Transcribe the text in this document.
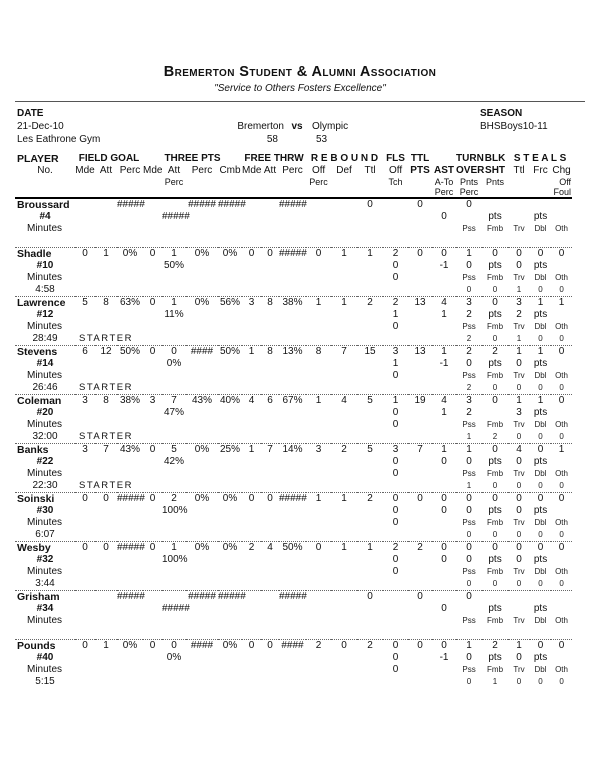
Bremerton Student & Alumni Association
"Service to Others Fosters Excellence"
DATE
21-Dec-10
Les Eathrone Gym
Bremerton vs Olympic
58	53
SEASON
BHSBoys10-11
PLAYER	FIELD GOAL			THREE PTS				FREE THRW			R E B O U N D			FLS	TTL		TURN	BLK	S T E A L S		
No.	Mde	Att	Perc	Mde	Att	Perc	Cmb	Mde	Att	Perc	Off	Def	Ttl	Off	PTS	AST	OVER	SHT	Ttl	Frc	Chg
					Perc						Perc			Tch		A-To	Pnts	Pnts			Off
																Perc	Perc				Foul
Broussard			#####			#####	#####			#####			0		0		0				
#4					#####											0		pts		pts	
Minutes																	Pss	Fmb	Trv	Dbl	Oth

Shadle	0	1	0%	0	1	0%	0%	0	0	#####	0	1	1	2	0	0	1	0	0	0	0
#10					50%									0		-1	0	pts	0	pts	
Minutes														0			Pss	Fmb	Trv	Dbl	Oth
4:58																	0	0	1	0	0
Lawrence	5	8	63%	0	1	0%	56%	3	8	38%	1	1	2	2	13	4	3	0	3	1	1
#12					11%									1		1	2	pts	2	pts	
Minutes														0			Pss	Fmb	Trv	Dbl	Oth
28:49	STARTER																2	0	1	0	0
Stevens	6	12	50%	0	0	####	50%	1	8	13%	8	7	15	3	13	1	2	2	1	1	0
#14					0%									1		-1	0	pts	0	pts	
Minutes														0			Pss	Fmb	Trv	Dbl	Oth
26:46	STARTER																2	0	0	0	0
Coleman	3	8	38%	3	7	43%	40%	4	6	67%	1	4	5	1	19	4	3	0	1	1	0
#20					47%									0		1	2		3	pts	
Minutes														0			Pss	Fmb	Trv	Dbl	Oth
32:00	STARTER																1	2	0	0	0
Banks	3	7	43%	0	5	0%	25%	1	7	14%	3	2	5	3	7	1	1	0	4	0	1
#22					42%									0		0	0	pts	0	pts	
Minutes														0			Pss	Fmb	Trv	Dbl	Oth
22:30	STARTER																1	0	0	0	0
Soinski	0	0	#####	0	2	0%	0%	0	0	#####	1	1	2	0	0	0	0	0	0	0	0
#30					100%									0		0	0	pts	0	pts	
Minutes														0			Pss	Fmb	Trv	Dbl	Oth
6:07																	0	0	0	0	0
Wesby	0	0	#####	0	1	0%	0%	2	4	50%	0	1	1	2	2	0	0	0	0	0	0
#32					100%									0		0	0	pts	0	pts	
Minutes														0			Pss	Fmb	Trv	Dbl	Oth
3:44																	0	0	0	0	0
Grisham			#####			#####	#####			#####			0		0		0				
#34					#####											0		pts		pts	
Minutes																	Pss	Fmb	Trv	Dbl	Oth

Pounds	0	1	0%	0	0	####	0%	0	0	####	2	0	2	0	0	0	1	2	1	0	0
#40					0%									0		-1	0	pts	0	pts	
Minutes														0			Pss	Fmb	Trv	Dbl	Oth
5:15																	0	1	0	0	0
